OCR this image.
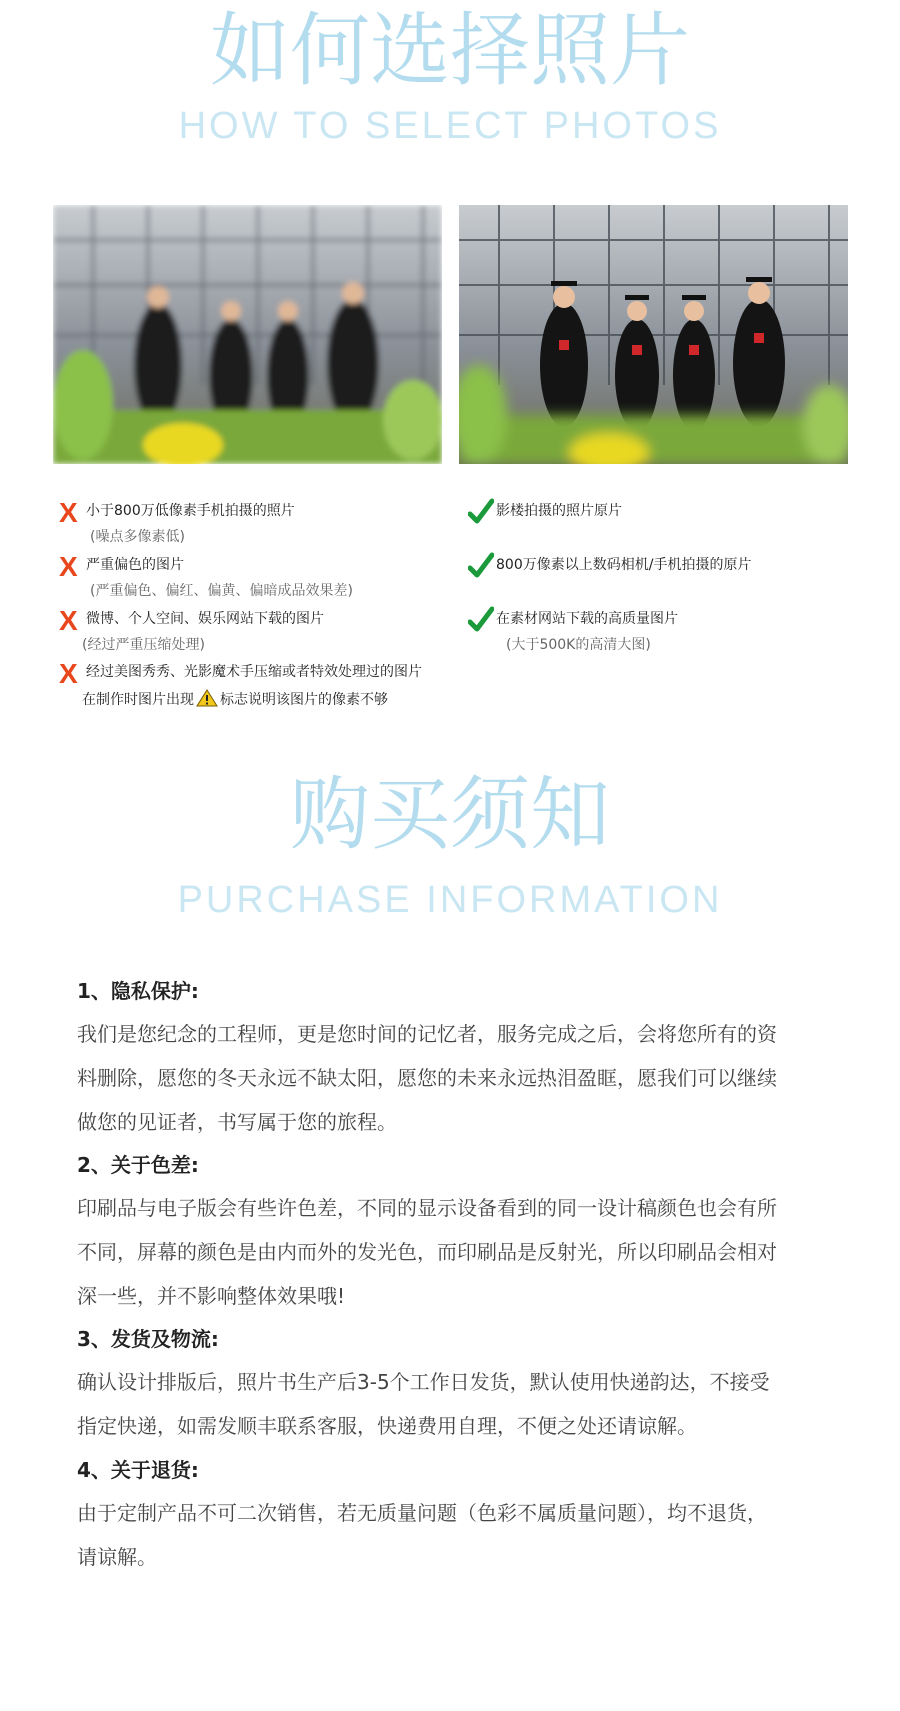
如何选择照片
HOW TO SELECT PHOTOS
X 小于800万低像素手机拍摄的照片
(噪点多像素低)
X 严重偏色的图片
(严重偏色、偏红、偏黄、偏暗成品效果差)
X 微博、个人空间、娱乐网站下载的图片
(经过严重压缩处理)
X 经过美图秀秀、光影魔术手压缩或者特效处理过的图片
在制作时图片出现 标志说明该图片的像素不够
影楼拍摄的照片原片
800万像素以上数码相机/手机拍摄的原片
在素材网站下载的高质量图片
(大于500K的高清大图)
购买须知
PURCHASE INFORMATION
1、隐私保护:
我们是您纪念的工程师，更是您时间的记忆者，服务完成之后，会将您所有的资
料删除，愿您的冬天永远不缺太阳，愿您的未来永远热泪盈眶，愿我们可以继续
做您的见证者，书写属于您的旅程。
2、关于色差:
印刷品与电子版会有些许色差，不同的显示设备看到的同一设计稿颜色也会有所
不同，屏幕的颜色是由内而外的发光色，而印刷品是反射光，所以印刷品会相对
深一些，并不影响整体效果哦!
3、发货及物流:
确认设计排版后，照片书生产后3-5个工作日发货，默认使用快递韵达，不接受
指定快递，如需发顺丰联系客服，快递费用自理，不便之处还请谅解。
4、关于退货:
由于定制产品不可二次销售，若无质量问题（色彩不属质量问题），均不退货，
请谅解。
